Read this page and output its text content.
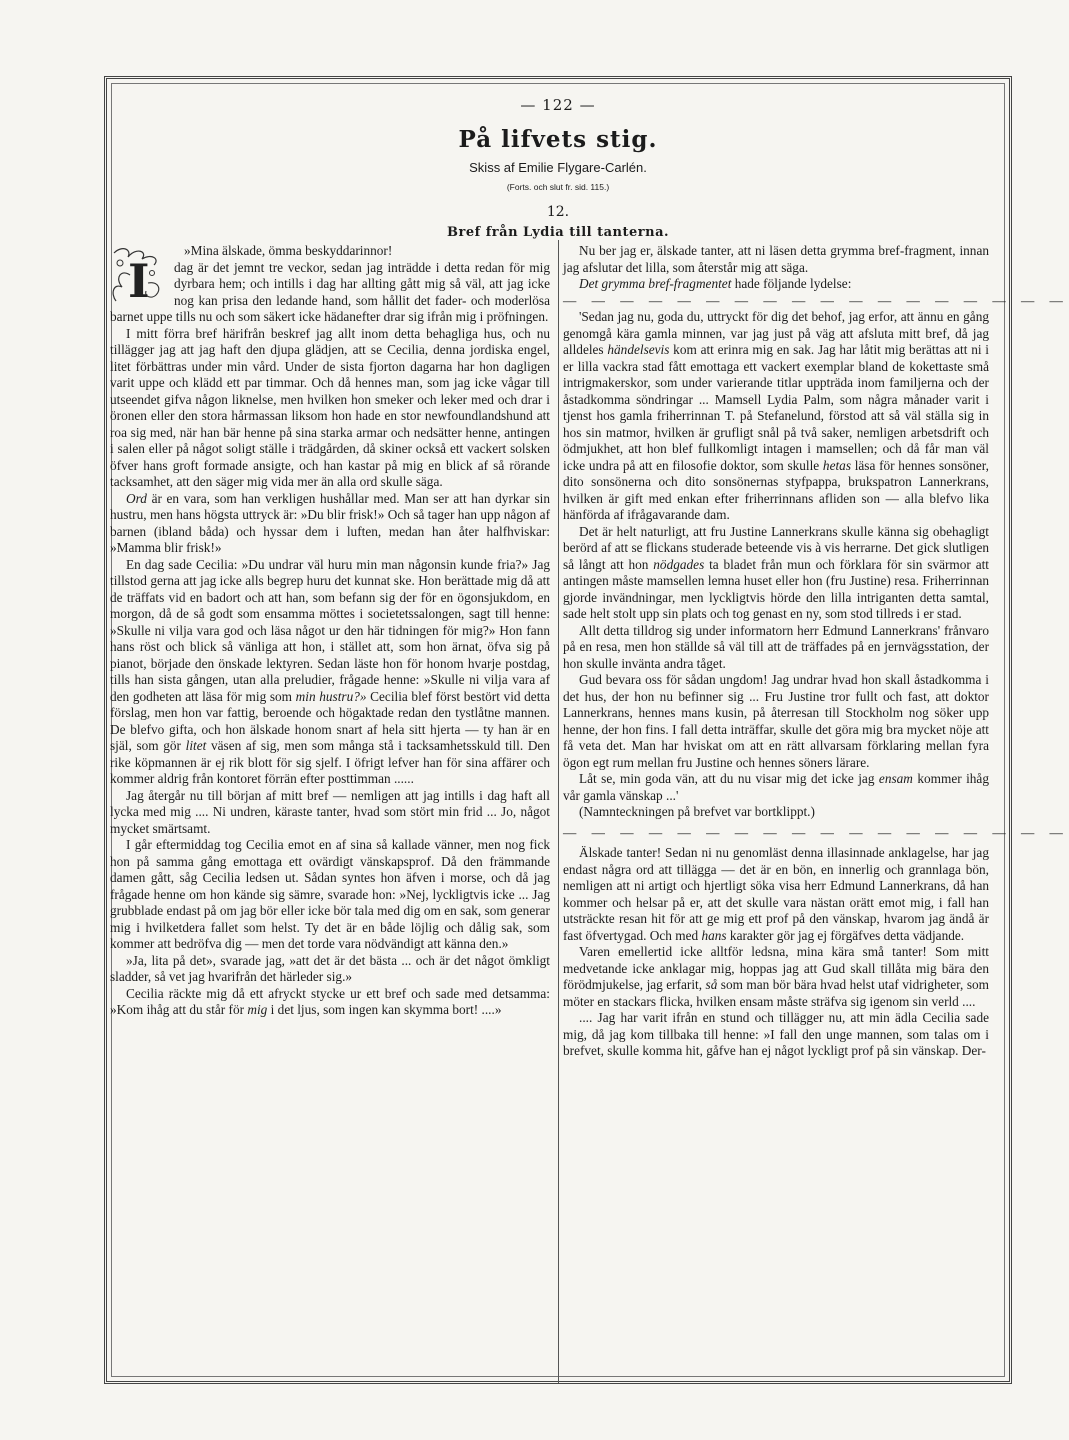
— 122 —
På lifvets stig.
Skiss af Emilie Flygare-Carlén.
(Forts. och slut fr. sid. 115.)
12.
Bref från Lydia till tanterna.
I

»Mina älskade, ömma beskyddarinnor!

dag är det jemnt tre veckor, sedan jag inträdde i detta redan för mig dyrbara hem; och intills i dag har allting gått mig så väl, att jag icke nog kan prisa den ledande hand, som hållit det fader- och moderlösa barnet uppe tills nu och som säkert icke hädanefter drar sig ifrån mig i pröfningen.

I mitt förra bref härifrån beskref jag allt inom detta behagliga hus, och nu tillägger jag att jag haft den djupa glädjen, att se Cecilia, denna jordiska engel, litet förbättras under min vård. Under de sista fjorton dagarna har hon dagligen varit uppe och klädd ett par timmar. Och då hennes man, som jag icke vågar till utseendet gifva någon liknelse, men hvilken hon smeker och leker med och drar i öronen eller den stora hårmassan liksom hon hade en stor newfoundlandshund att roa sig med, när han bär henne på sina starka armar och nedsätter henne, antingen i salen eller på något soligt ställe i trädgården, då skiner också ett vackert solsken öfver hans groft formade ansigte, och han kastar på mig en blick af så rörande tacksamhet, att den säger mig vida mer än alla ord skulle säga.

Ord är en vara, som han verkligen hushållar med. Man ser att han dyrkar sin hustru, men hans högsta uttryck är: »Du blir frisk!» Och så tager han upp någon af barnen (ibland båda) och hyssar dem i luften, medan han åter halfhviskar: »Mamma blir frisk!»

En dag sade Cecilia: »Du undrar väl huru min man någonsin kunde fria?» Jag tillstod gerna att jag icke alls begrep huru det kunnat ske. Hon berättade mig då att de träffats vid en badort och att han, som befann sig der för en ögonsjukdom, en morgon, då de så godt som ensamma möttes i societetssalongen, sagt till henne: »Skulle ni vilja vara god och läsa något ur den här tidningen för mig?» Hon fann hans röst och blick så vänliga att hon, i stället att, som hon ärnat, öfva sig på pianot, började den önskade lektyren. Sedan läste hon för honom hvarje postdag, tills han sista gången, utan alla preludier, frågade henne: »Skulle ni vilja vara af den godheten att läsa för mig som min hustru?» Cecilia blef först bestört vid detta förslag, men hon var fattig, beroende och högaktade redan den tystlåtne mannen. De blefvo gifta, och hon älskade honom snart af hela sitt hjerta — ty han är en själ, som gör litet väsen af sig, men som många stå i tacksamhetsskuld till. Den rike köpmannen är ej rik blott för sig sjelf. I öfrigt lefver han för sina affärer och kommer aldrig från kontoret förrän efter posttimman ......

Jag återgår nu till början af mitt bref — nemligen att jag intills i dag haft all lycka med mig .... Ni undren, käraste tanter, hvad som stört min frid ... Jo, något mycket smärtsamt.

I går eftermiddag tog Cecilia emot en af sina så kallade vänner, men nog fick hon på samma gång emottaga ett ovärdigt vänskapsprof. Då den främmande damen gått, såg Cecilia ledsen ut. Sådan syntes hon äfven i morse, och då jag frågade henne om hon kände sig sämre, svarade hon: »Nej, lyckligtvis icke ... Jag grubblade endast på om jag bör eller icke bör tala med dig om en sak, som generar mig i hvilketdera fallet som helst. Ty det är en både löjlig och dålig sak, som kommer att bedröfva dig — men det torde vara nödvändigt att känna den.»

»Ja, lita på det», svarade jag, »att det är det bästa ... och är det något ömkligt sladder, så vet jag hvarifrån det härleder sig.»

Cecilia räckte mig då ett afryckt stycke ur ett bref och sade med detsamma: »Kom ihåg att du står för mig i det ljus, som ingen kan skymma bort! ....»

Nu ber jag er, älskade tanter, att ni läsen detta grymma bref-fragment, innan jag afslutar det lilla, som återstår mig att säga.

Det grymma bref-fragmentet hade följande lydelse:

— — — — — — — — — — — — — — — — — —

'Sedan jag nu, goda du, uttryckt för dig det behof, jag erfor, att ännu en gång genomgå kära gamla minnen, var jag just på väg att afsluta mitt bref, då jag alldeles händelsevis kom att erinra mig en sak. Jag har låtit mig berättas att ni i er lilla vackra stad fått emottaga ett vackert exemplar bland de kokettaste små intrigmakerskor, som under varierande titlar uppträda inom familjerna och der åstadkomma söndringar ... Mamsell Lydia Palm, som några månader varit i tjenst hos gamla friherrinnan T. på Stefanelund, förstod att så väl ställa sig in hos sin matmor, hvilken är grufligt snål på två saker, nemligen arbetsdrift och ödmjukhet, att hon blef fullkomligt intagen i mamsellen; och då får man väl icke undra på att en filosofie doktor, som skulle hetas läsa för hennes sonsöner, dito sonsönerna och dito sonsönernas styfpappa, brukspatron Lannerkrans, hvilken är gift med enkan efter friherrinnans afliden son — alla blefvo lika hänförda af ifrågavarande dam.

Det är helt naturligt, att fru Justine Lannerkrans skulle känna sig obehagligt berörd af att se flickans studerade beteende vis à vis herrarne. Det gick slutligen så långt att hon nödgades ta bladet från mun och förklara för sin svärmor att antingen måste mamsellen lemna huset eller hon (fru Justine) resa. Friherrinnan gjorde invändningar, men lyckligtvis hörde den lilla intriganten detta samtal, sade helt stolt upp sin plats och tog genast en ny, som stod tillreds i er stad.

Allt detta tilldrog sig under informatorn herr Edmund Lannerkrans' frånvaro på en resa, men hon ställde så väl till att de träffades på en jernvägsstation, der hon skulle invänta andra tåget.

Gud bevara oss för sådan ungdom! Jag undrar hvad hon skall åstadkomma i det hus, der hon nu befinner sig ... Fru Justine tror fullt och fast, att doktor Lannerkrans, hennes mans kusin, på återresan till Stockholm nog söker upp henne, der hon fins. I fall detta inträffar, skulle det göra mig bra mycket nöje att få veta det. Man har hviskat om att en rätt allvarsam förklaring mellan fyra ögon egt rum mellan fru Justine och hennes söners lärare.

Låt se, min goda vän, att du nu visar mig det icke jag ensam kommer ihåg vår gamla vänskap ...'

(Namnteckningen på brefvet var bortklippt.)

— — — — — — — — — — — — — — — — — —

Älskade tanter! Sedan ni nu genomläst denna illasinnade anklagelse, har jag endast några ord att tillägga — det är en bön, en innerlig och grannlaga bön, nemligen att ni artigt och hjertligt söka visa herr Edmund Lannerkrans, då han kommer och helsar på er, att det skulle vara nästan orätt emot mig, i fall han utsträckte resan hit för att ge mig ett prof på den vänskap, hvarom jag ändå är fast öfvertygad. Och med hans karakter gör jag ej förgäfves detta vädjande.

Varen emellertid icke alltför ledsna, mina kära små tanter! Som mitt medvetande icke anklagar mig, hoppas jag att Gud skall tillåta mig bära den förödmjukelse, jag erfarit, så som man bör bära hvad helst utaf vidrigheter, som möter en stackars flicka, hvilken ensam måste sträfva sig igenom sin verld ....

.... Jag har varit ifrån en stund och tillägger nu, att min ädla Cecilia sade mig, då jag kom tillbaka till henne: »I fall den unge mannen, som talas om i brefvet, skulle komma hit, gåfve han ej något lyckligt prof på sin vänskap. Der-
